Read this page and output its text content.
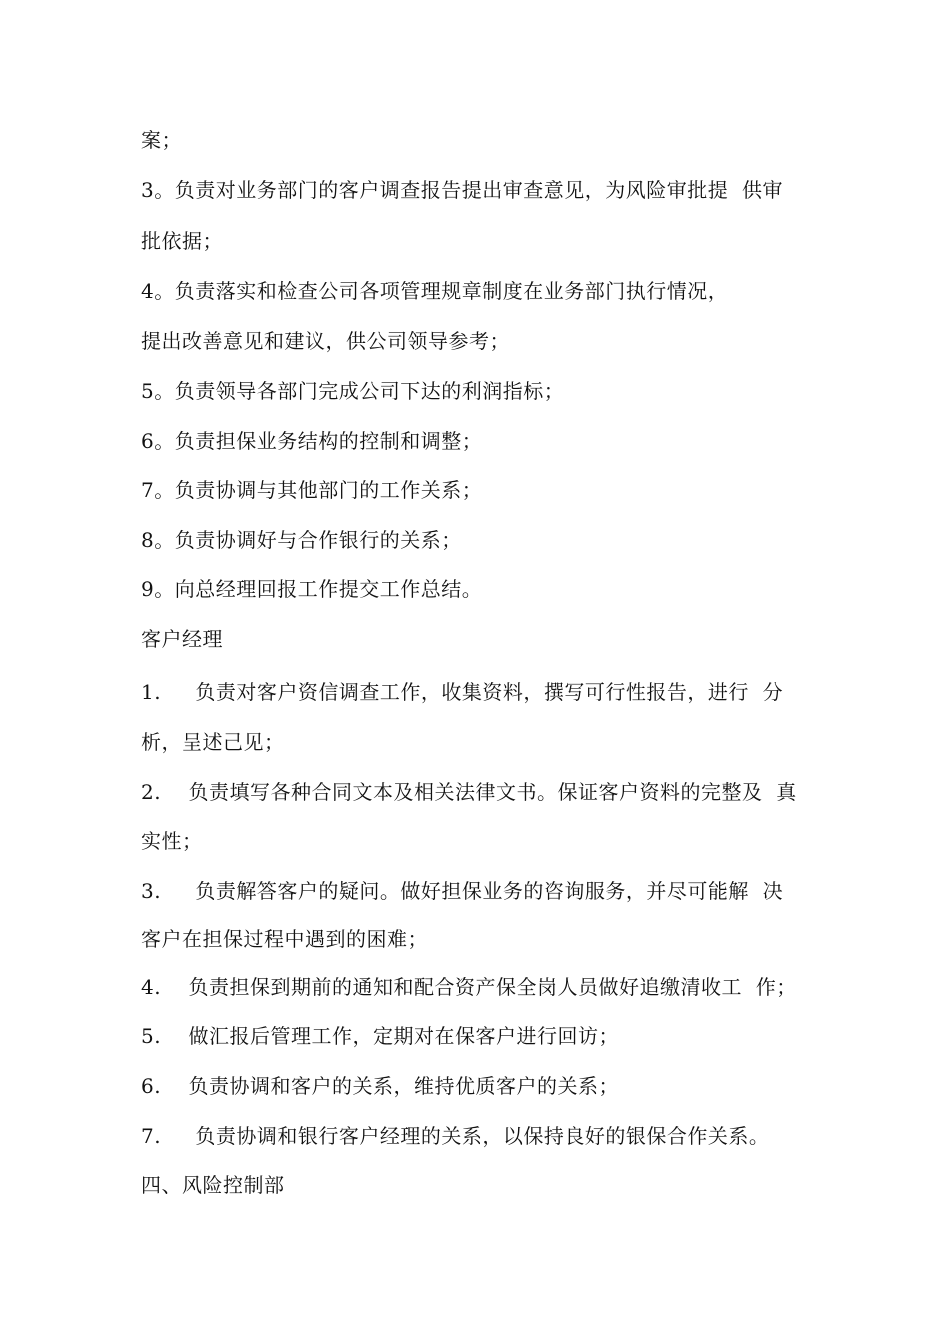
案；
3。负责对业务部门的客户调查报告提出审查意见，为风险审批提  供审
批依据；
4。负责落实和检查公司各项管理规章制度在业务部门执行情况，
提出改善意见和建议，供公司领导参考；
5。负责领导各部门完成公司下达的利润指标；
6。负责担保业务结构的控制和调整；
7。负责协调与其他部门的工作关系；
8。负责协调好与合作银行的关系；
9。向总经理回报工作提交工作总结。
客户经理
1.     负责对客户资信调查工作，收集资料，撰写可行性报告，进行  分
析，呈述己见；
2.    负责填写各种合同文本及相关法律文书。保证客户资料的完整及  真
实性；
3.     负责解答客户的疑问。做好担保业务的咨询服务，并尽可能解  决
客户在担保过程中遇到的困难；
4.    负责担保到期前的通知和配合资产保全岗人员做好追缴清收工  作；
5.    做汇报后管理工作，定期对在保客户进行回访；
6.    负责协调和客户的关系，维持优质客户的关系；
7.     负责协调和银行客户经理的关系，以保持良好的银保合作关系。
四、风险控制部
